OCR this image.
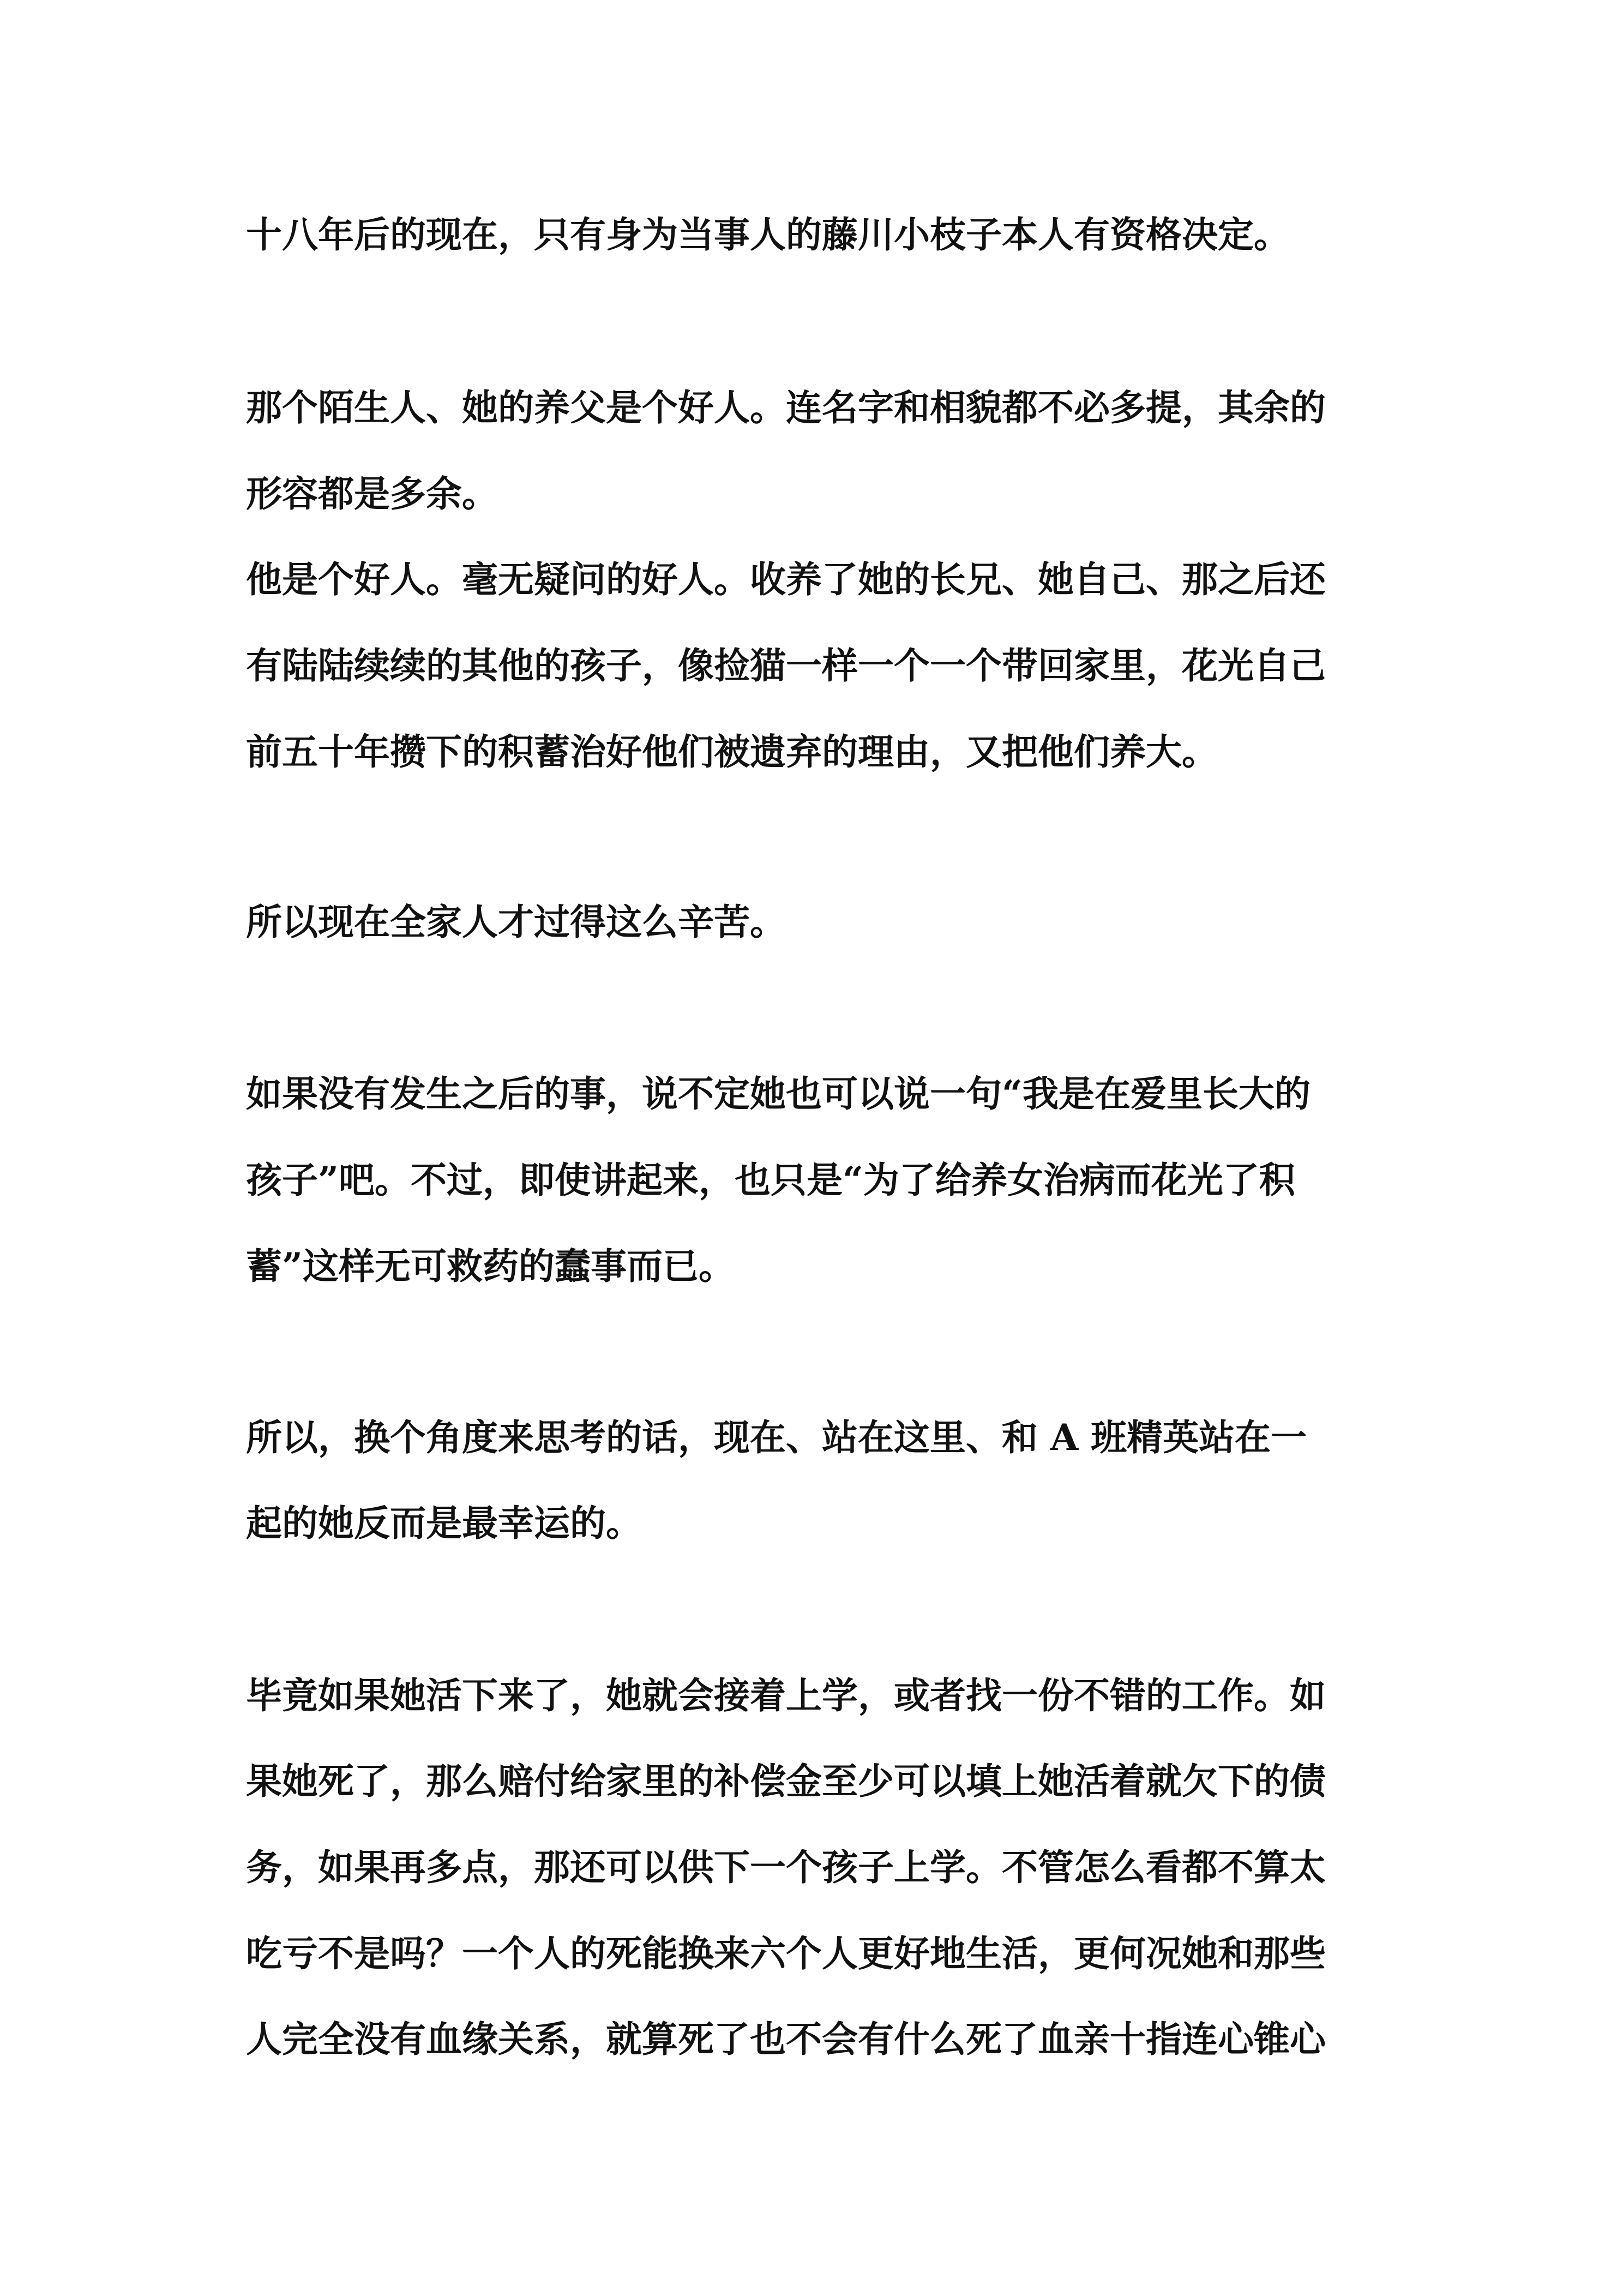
十八年后的现在，只有身为当事人的藤川小枝子本人有资格决定。
那个陌生人、她的养父是个好人。连名字和相貌都不必多提，其余的
形容都是多余。
他是个好人。毫无疑问的好人。收养了她的长兄、她自己、那之后还
有陆陆续续的其他的孩子，像捡猫一样一个一个带回家里，花光自己
前五十年攒下的积蓄治好他们被遗弃的理由，又把他们养大。
所以现在全家人才过得这么辛苦。
如果没有发生之后的事，说不定她也可以说一句“我是在爱里长大的
孩子”吧。不过，即使讲起来，也只是“为了给养女治病而花光了积
蓄”这样无可救药的蠢事而已。
所以，换个角度来思考的话，现在、站在这里、和 A 班精英站在一
起的她反而是最幸运的。
毕竟如果她活下来了，她就会接着上学，或者找一份不错的工作。如
果她死了，那么赔付给家里的补偿金至少可以填上她活着就欠下的债
务，如果再多点，那还可以供下一个孩子上学。不管怎么看都不算太
吃亏不是吗？一个人的死能换来六个人更好地生活，更何况她和那些
人完全没有血缘关系，就算死了也不会有什么死了血亲十指连心锥心
